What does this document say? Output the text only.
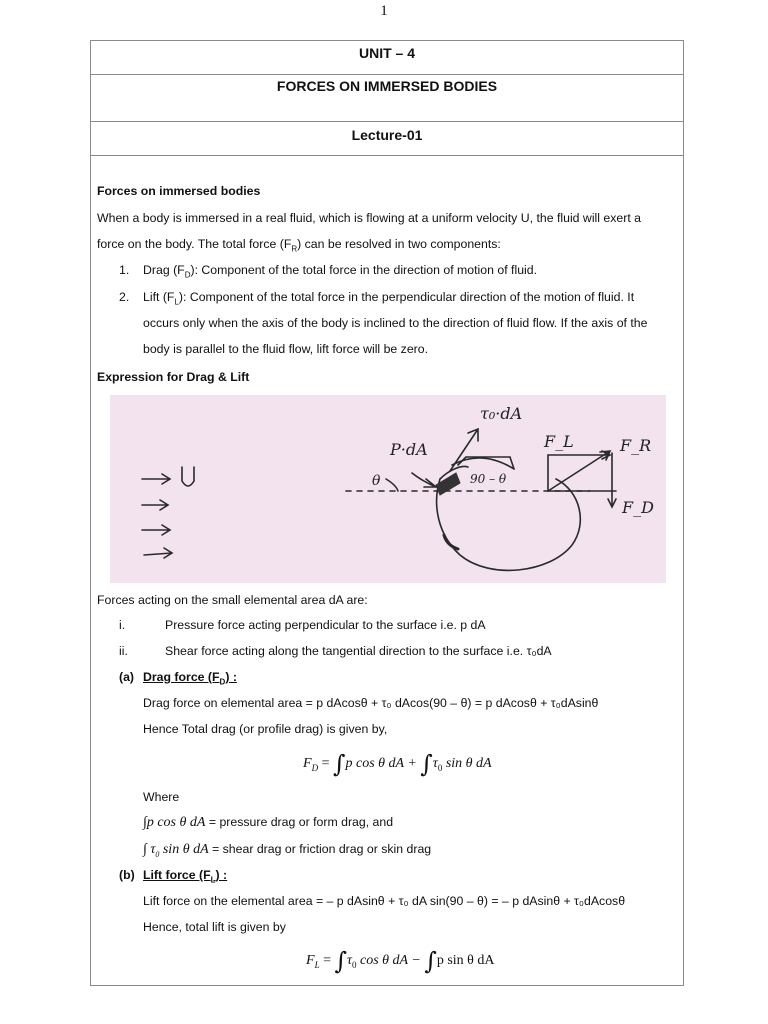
1
UNIT – 4
FORCES ON IMMERSED BODIES
Lecture-01
Forces on immersed bodies
When a body is immersed in a real fluid, which is flowing at a uniform velocity U, the fluid will exert a
force on the body. The total force $(F_R)$ can be resolved in two components:
1. Drag $(F_D)$: Component of the total force in the direction of motion of fluid.
2. Lift $(F_L)$: Component of the total force in the perpendicular direction of the motion of fluid. It
occurs only when the axis of the body is inclined to the direction of fluid flow. If the axis of the
body is parallel to the fluid flow, lift force will be zero.
Expression for Drag & Lift
τ₀·dA
P·dA	F_L	F_R
F_D
θ	90 – θ
U
Forces acting on the small elemental area dA are:
i.	Pressure force acting perpendicular to the surface i.e. p dA
ii.	Shear force acting along the tangential direction to the surface i.e. τ₀dA
(a) Drag force $(F_D)$ :
Drag force on elemental area = p dAcosθ + τ₀ dAcos(90 – θ) = p dAcosθ + τ₀dAsinθ
Hence Total drag (or profile drag) is given by,
$F_D = \int p$ cos θ dA + $\int\tau_0$ sin θ dA
Where
∫p cos θ dA = pressure drag or form drag, and
∫ $\tau_0$ sin θ dA = shear drag or friction drag or skin drag
(b) Lift force $(F_L)$ :
Lift force on the elemental area = – p dAsinθ + τ₀ dA sin(90 – θ) = – p dAsinθ + τ₀dAcosθ
Hence, total lift is given by
$F_L = \int\tau_0$ cos θ dA − ∫p sin θ dA
